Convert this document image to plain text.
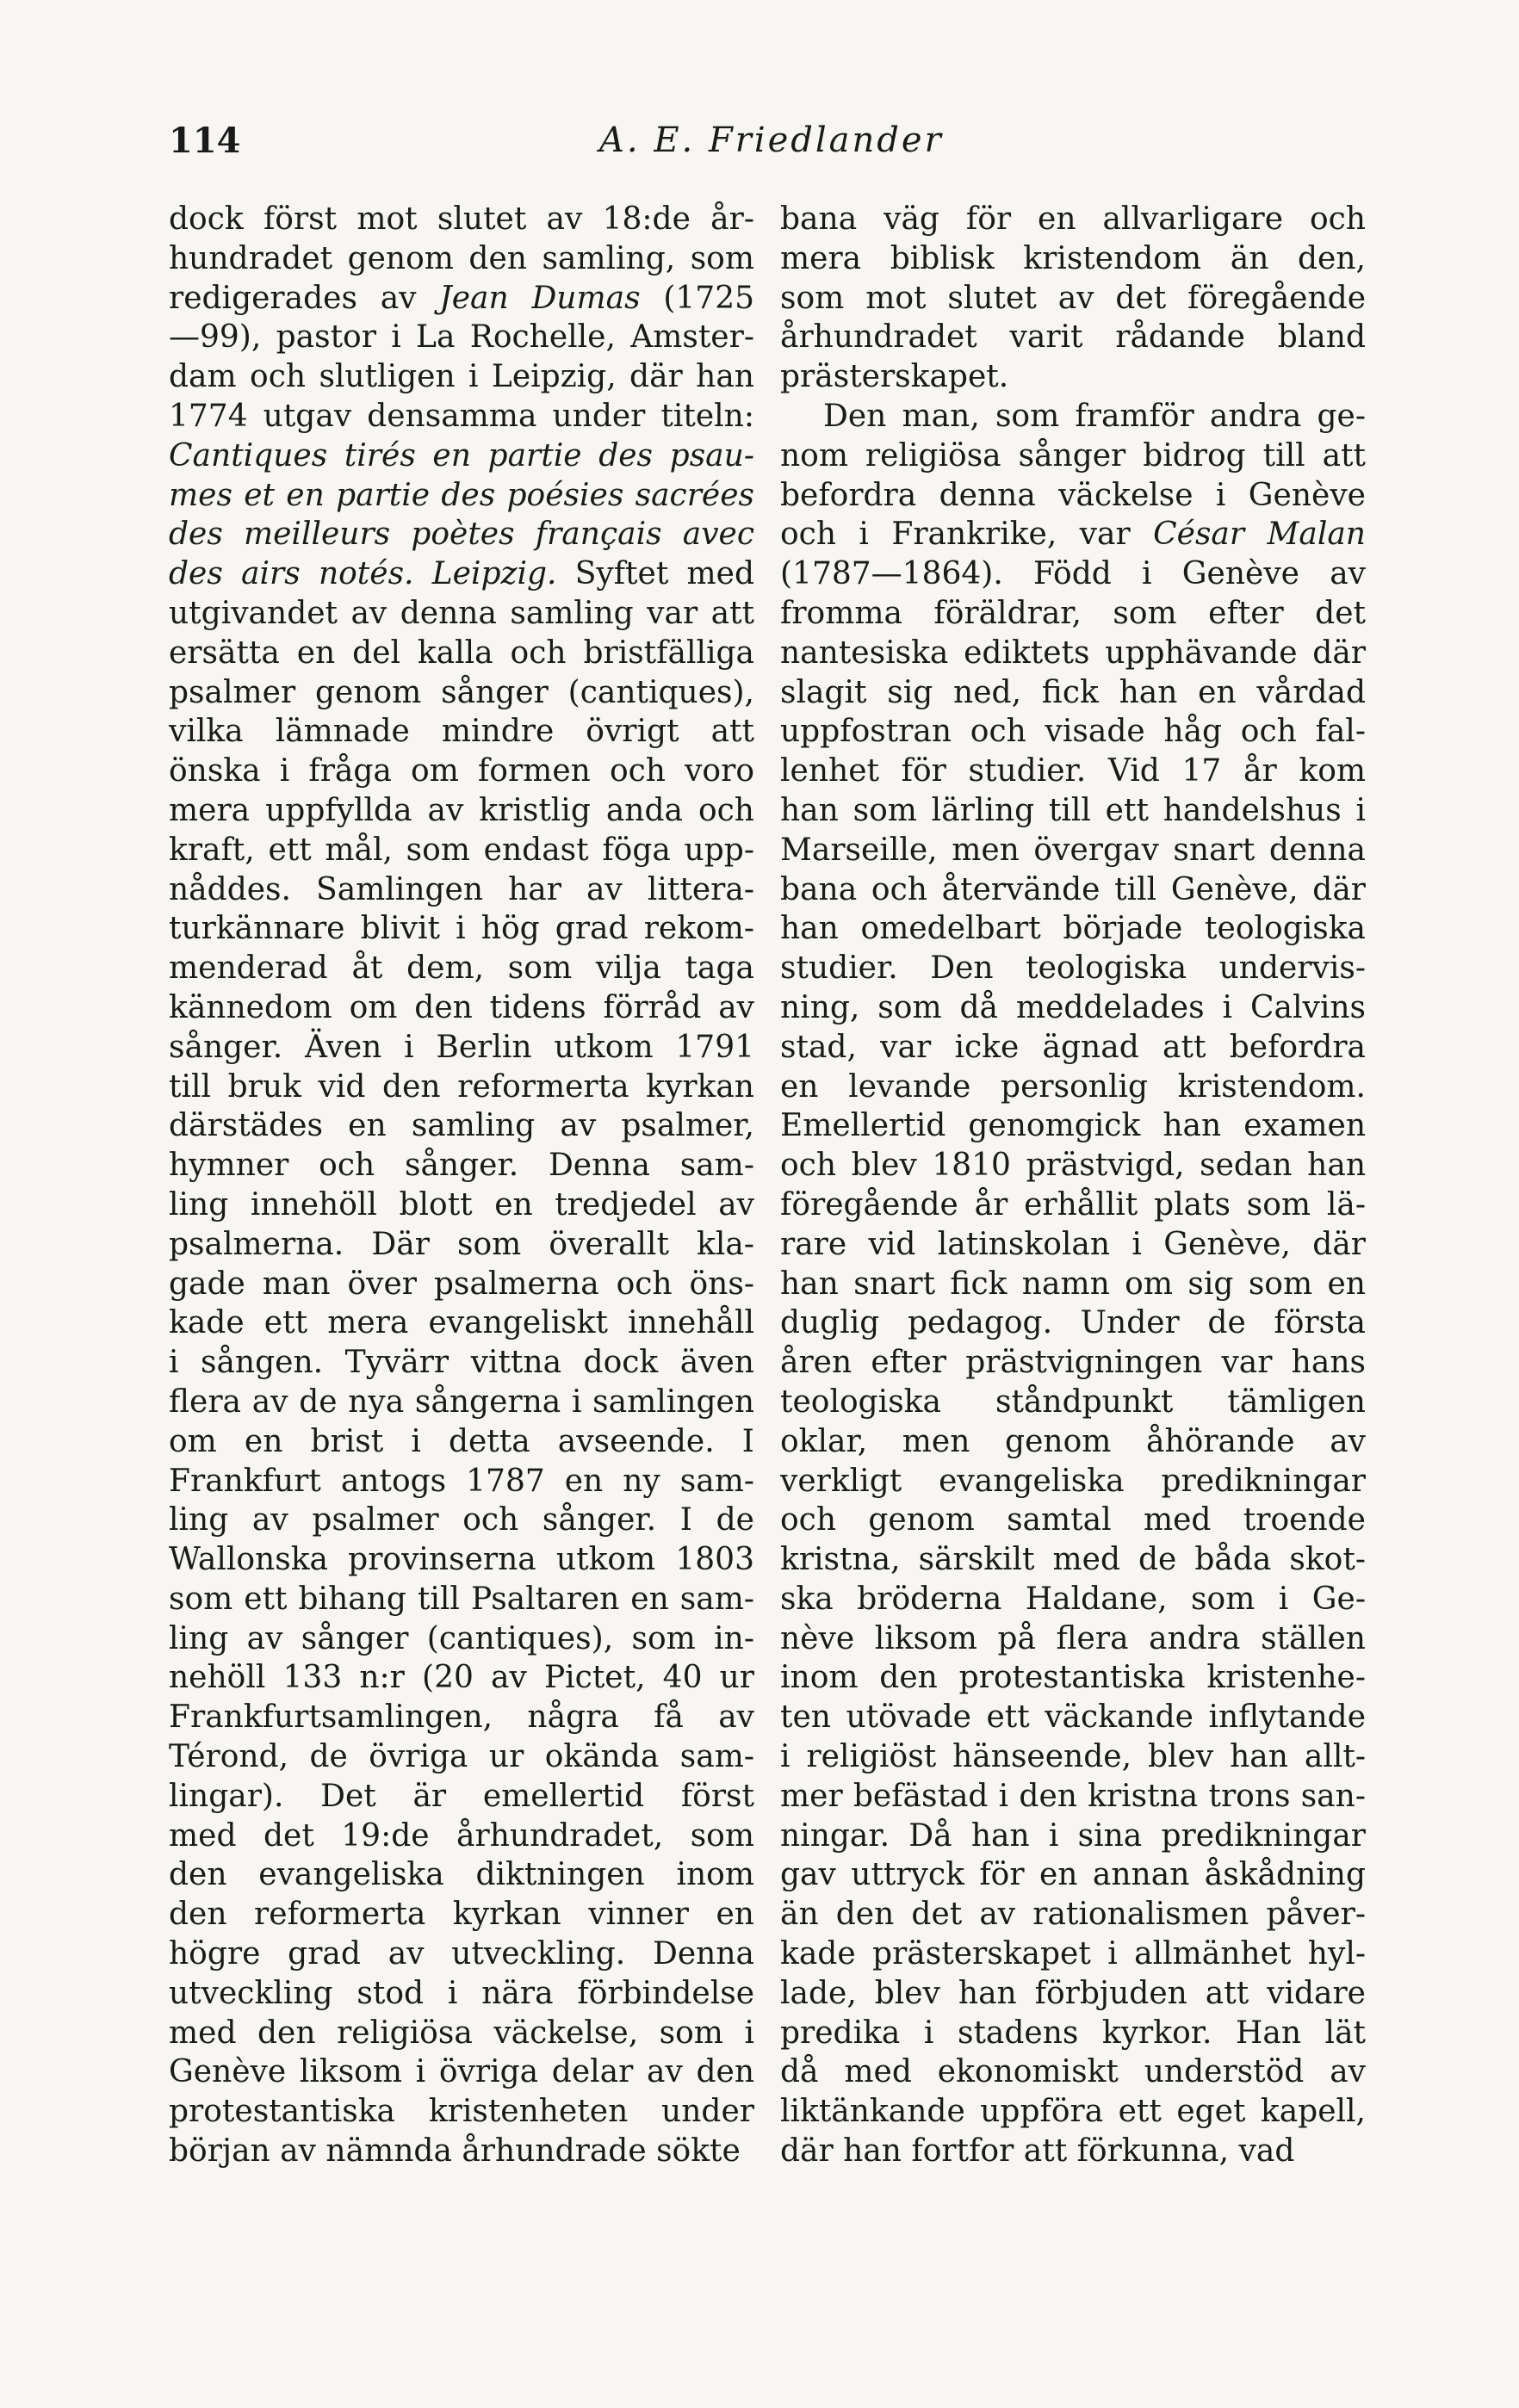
114	A. E. Friedlander
dock först mot slutet av 18:de år-
hundradet genom den samling, som
redigerades av Jean Dumas (1725
—99), pastor i La Rochelle, Amster-
dam och slutligen i Leipzig, där han
1774 utgav densamma under titeln:
Cantiques tirés en partie des psau-
mes et en partie des poésies sacrées
des meilleurs poètes français avec
des airs notés. Leipzig. Syftet med
utgivandet av denna samling var att
ersätta en del kalla och bristfälliga
psalmer genom sånger (cantiques),
vilka lämnade mindre övrigt att
önska i fråga om formen och voro
mera uppfyllda av kristlig anda och
kraft, ett mål, som endast föga upp-
nåddes. Samlingen har av littera-
turkännare blivit i hög grad rekom-
menderad åt dem, som vilja taga
kännedom om den tidens förråd av
sånger. Även i Berlin utkom 1791
till bruk vid den reformerta kyrkan
därstädes en samling av psalmer,
hymner och sånger. Denna sam-
ling innehöll blott en tredjedel av
psalmerna. Där som överallt kla-
gade man över psalmerna och öns-
kade ett mera evangeliskt innehåll
i sången. Tyvärr vittna dock även
flera av de nya sångerna i samlingen
om en brist i detta avseende. I
Frankfurt antogs 1787 en ny sam-
ling av psalmer och sånger. I de
Wallonska provinserna utkom 1803
som ett bihang till Psaltaren en sam-
ling av sånger (cantiques), som in-
nehöll 133 n:r (20 av Pictet, 40 ur
Frankfurtsamlingen, några få av
Térond, de övriga ur okända sam-
lingar). Det är emellertid först
med det 19:de århundradet, som
den evangeliska diktningen inom
den reformerta kyrkan vinner en
högre grad av utveckling. Denna
utveckling stod i nära förbindelse
med den religiösa väckelse, som i
Genève liksom i övriga delar av den
protestantiska kristenheten under
början av nämnda århundrade sökte
bana väg för en allvarligare och
mera biblisk kristendom än den,
som mot slutet av det föregående
århundradet varit rådande bland
prästerskapet.
Den man, som framför andra ge-
nom religiösa sånger bidrog till att
befordra denna väckelse i Genève
och i Frankrike, var César Malan
(1787—1864). Född i Genève av
fromma föräldrar, som efter det
nantesiska ediktets upphävande där
slagit sig ned, fick han en vårdad
uppfostran och visade håg och fal-
lenhet för studier. Vid 17 år kom
han som lärling till ett handelshus i
Marseille, men övergav snart denna
bana och återvände till Genève, där
han omedelbart började teologiska
studier. Den teologiska undervis-
ning, som då meddelades i Calvins
stad, var icke ägnad att befordra
en levande personlig kristendom.
Emellertid genomgick han examen
och blev 1810 prästvigd, sedan han
föregående år erhållit plats som lä-
rare vid latinskolan i Genève, där
han snart fick namn om sig som en
duglig pedagog. Under de första
åren efter prästvigningen var hans
teologiska ståndpunkt tämligen
oklar, men genom åhörande av
verkligt evangeliska predikningar
och genom samtal med troende
kristna, särskilt med de båda skot-
ska bröderna Haldane, som i Ge-
nève liksom på flera andra ställen
inom den protestantiska kristenhe-
ten utövade ett väckande inflytande
i religiöst hänseende, blev han allt-
mer befästad i den kristna trons san-
ningar. Då han i sina predikningar
gav uttryck för en annan åskådning
än den det av rationalismen påver-
kade prästerskapet i allmänhet hyl-
lade, blev han förbjuden att vidare
predika i stadens kyrkor. Han lät
då med ekonomiskt understöd av
liktänkande uppföra ett eget kapell,
där han fortfor att förkunna, vad
